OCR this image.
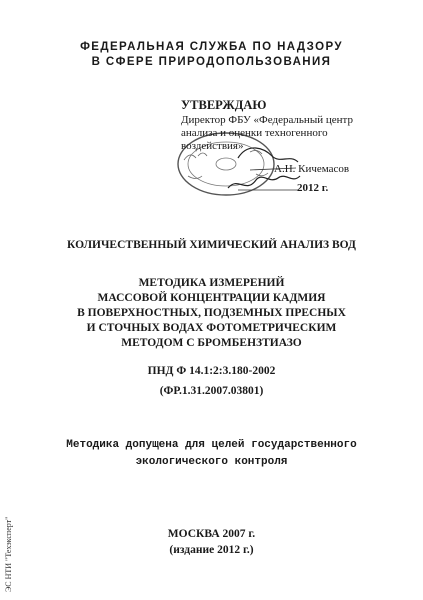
ФЕДЕРАЛЬНАЯ СЛУЖБА ПО НАДЗОРУ
В СФЕРЕ ПРИРОДОПОЛЬЗОВАНИЯ
УТВЕРЖДАЮ
Директор ФБУ «Федеральный центр
анализа и оценки техногенного
воздействия»
А.Н. Кичемасов
2012 г.
КОЛИЧЕСТВЕННЫЙ ХИМИЧЕСКИЙ АНАЛИЗ ВОД
МЕТОДИКА ИЗМЕРЕНИЙ
МАССОВОЙ КОНЦЕНТРАЦИИ КАДМИЯ
В ПОВЕРХНОСТНЫХ, ПОДЗЕМНЫХ ПРЕСНЫХ
И СТОЧНЫХ ВОДАХ ФОТОМЕТРИЧЕСКИМ
МЕТОДОМ С БРОМБЕНЗТИАЗО
ПНД Ф 14.1:2:3.180-2002
(ФР.1.31.2007.03801)
Методика допущена для целей государственного
экологического контроля
МОСКВА 2007 г.
(издание 2012 г.)
ЭС НТИ "Техэксперт"
